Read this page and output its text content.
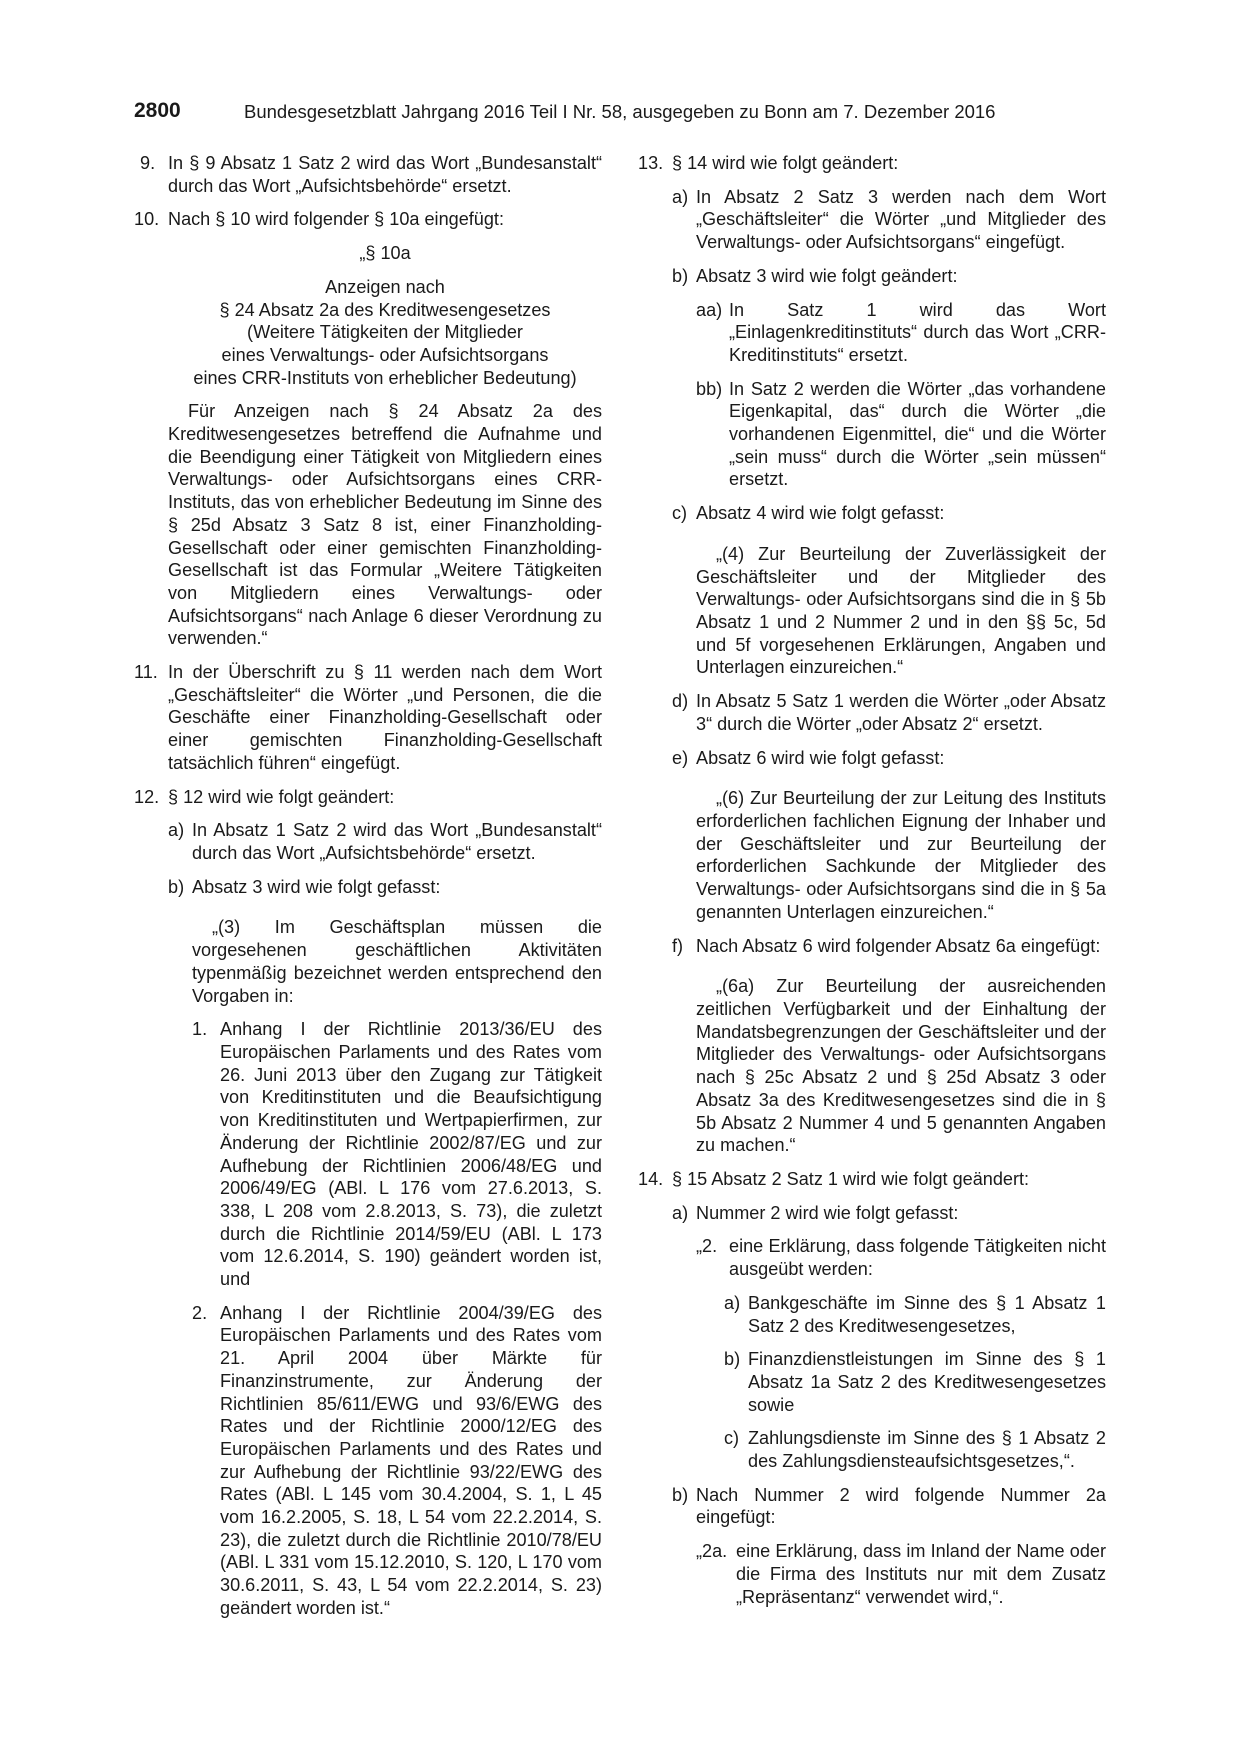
2800	Bundesgesetzblatt Jahrgang 2016 Teil I Nr. 58, ausgegeben zu Bonn am 7. Dezember 2016
9. In § 9 Absatz 1 Satz 2 wird das Wort „Bundesanstalt“ durch das Wort „Aufsichtsbehörde“ ersetzt.
10. Nach § 10 wird folgender § 10a eingefügt:

„§ 10a

Anzeigen nach

§ 24 Absatz 2a des Kreditwesengesetzes

(Weitere Tätigkeiten der Mitglieder

eines Verwaltungs- oder Aufsichtsorgans

eines CRR-Instituts von erheblicher Bedeutung)

Für Anzeigen nach § 24 Absatz 2a des Kreditwesengesetzes betreffend die Aufnahme und die Beendigung einer Tätigkeit von Mitgliedern eines Verwaltungs- oder Aufsichtsorgans eines CRR-Instituts, das von erheblicher Bedeutung im Sinne des § 25d Absatz 3 Satz 8 ist, einer Finanzholding-Gesellschaft oder einer gemischten Finanzholding-Gesellschaft ist das Formular „Weitere Tätigkeiten von Mitgliedern eines Verwaltungs- oder Aufsichtsorgans“ nach Anlage 6 dieser Verordnung zu verwenden.“

11. In der Überschrift zu § 11 werden nach dem Wort „Geschäftsleiter“ die Wörter „und Personen, die die Geschäfte einer Finanzholding-Gesellschaft oder einer gemischten Finanzholding-Gesellschaft tatsächlich führen“ eingefügt.
12. § 12 wird wie folgt geändert:
a) In Absatz 1 Satz 2 wird das Wort „Bundesanstalt“ durch das Wort „Aufsichtsbehörde“ ersetzt.
b) Absatz 3 wird wie folgt gefasst:

„(3) Im Geschäftsplan müssen die vorgesehenen geschäftlichen Aktivitäten typenmäßig bezeichnet werden entsprechend den Vorgaben in:

1. Anhang I der Richtlinie 2013/36/EU des Europäischen Parlaments und des Rates vom 26. Juni 2013 über den Zugang zur Tätigkeit von Kreditinstituten und die Beaufsichtigung von Kreditinstituten und Wertpapierfirmen, zur Änderung der Richtlinie 2002/87/EG und zur Aufhebung der Richtlinien 2006/48/EG und 2006/49/EG (ABl. L 176 vom 27.6.2013, S. 338, L 208 vom 2.8.2013, S. 73), die zuletzt durch die Richtlinie 2014/59/EU (ABl. L 173 vom 12.6.2014, S. 190) geändert worden ist, und
2. Anhang I der Richtlinie 2004/39/EG des Europäischen Parlaments und des Rates vom 21. April 2004 über Märkte für Finanzinstrumente, zur Änderung der Richtlinien 85/611/EWG und 93/6/EWG des Rates und der Richtlinie 2000/12/EG des Europäischen Parlaments und des Rates und zur Aufhebung der Richtlinie 93/22/EWG des Rates (ABl. L 145 vom 30.4.2004, S. 1, L 45 vom 16.2.2005, S. 18, L 54 vom 22.2.2014, S. 23), die zuletzt durch die Richtlinie 2010/78/EU (ABl. L 331 vom 15.12.2010, S. 120, L 170 vom 30.6.2011, S. 43, L 54 vom 22.2.2014, S. 23) geändert worden ist.“
13. § 14 wird wie folgt geändert:
a) In Absatz 2 Satz 3 werden nach dem Wort „Geschäftsleiter“ die Wörter „und Mitglieder des Verwaltungs- oder Aufsichtsorgans“ eingefügt.
b) Absatz 3 wird wie folgt geändert:
aa) In Satz 1 wird das Wort „Einlagenkreditinstituts“ durch das Wort „CRR-Kreditinstituts“ ersetzt.
bb) In Satz 2 werden die Wörter „das vorhandene Eigenkapital, das“ durch die Wörter „die vorhandenen Eigenmittel, die“ und die Wörter „sein muss“ durch die Wörter „sein müssen“ ersetzt.
c) Absatz 4 wird wie folgt gefasst:

„(4) Zur Beurteilung der Zuverlässigkeit der Geschäftsleiter und der Mitglieder des Verwaltungs- oder Aufsichtsorgans sind die in § 5b Absatz 1 und 2 Nummer 2 und in den §§ 5c, 5d und 5f vorgesehenen Erklärungen, Angaben und Unterlagen einzureichen.“

d) In Absatz 5 Satz 1 werden die Wörter „oder Absatz 3“ durch die Wörter „oder Absatz 2“ ersetzt.
e) Absatz 6 wird wie folgt gefasst:

„(6) Zur Beurteilung der zur Leitung des Instituts erforderlichen fachlichen Eignung der Inhaber und der Geschäftsleiter und zur Beurteilung der erforderlichen Sachkunde der Mitglieder des Verwaltungs- oder Aufsichtsorgans sind die in § 5a genannten Unterlagen einzureichen.“

f) Nach Absatz 6 wird folgender Absatz 6a eingefügt:

„(6a) Zur Beurteilung der ausreichenden zeitlichen Verfügbarkeit und der Einhaltung der Mandatsbegrenzungen der Geschäftsleiter und der Mitglieder des Verwaltungs- oder Aufsichtsorgans nach § 25c Absatz 2 und § 25d Absatz 3 oder Absatz 3a des Kreditwesengesetzes sind die in § 5b Absatz 2 Nummer 4 und 5 genannten Angaben zu machen.“

14. § 15 Absatz 2 Satz 1 wird wie folgt geändert:
a) Nummer 2 wird wie folgt gefasst:
„2. eine Erklärung, dass folgende Tätigkeiten nicht ausgeübt werden:
a) Bankgeschäfte im Sinne des § 1 Absatz 1 Satz 2 des Kreditwesengesetzes,
b) Finanzdienstleistungen im Sinne des § 1 Absatz 1a Satz 2 des Kreditwesengesetzes sowie
c) Zahlungsdienste im Sinne des § 1 Absatz 2 des Zahlungsdiensteaufsichtsgesetzes,“.
b) Nach Nummer 2 wird folgende Nummer 2a eingefügt:
„2a. eine Erklärung, dass im Inland der Name oder die Firma des Instituts nur mit dem Zusatz „Repräsentanz“ verwendet wird,“.
